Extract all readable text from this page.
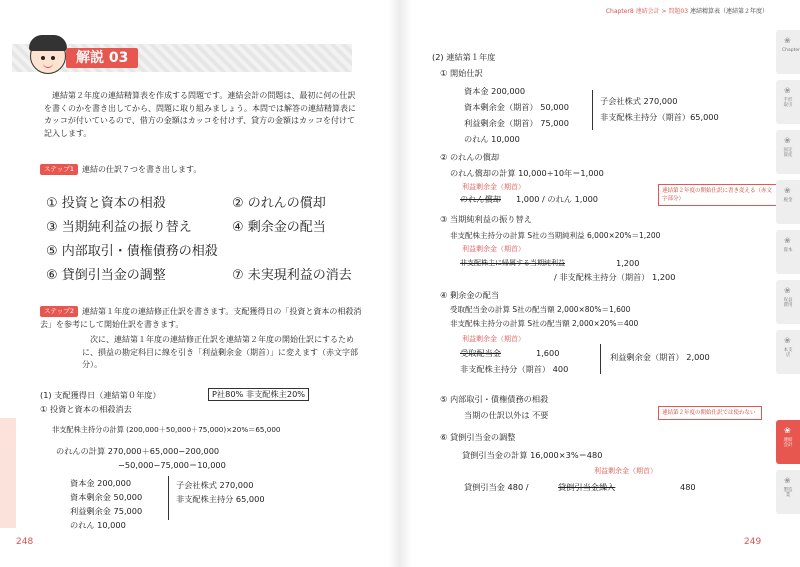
解説 03
連結第２年度の連結精算表を作成する問題です。連結会計の問題は、最初に何の仕訳を書くのかを書き出してから、問題に取り組みましょう。本問では解答の連結精算表にカッコが付いているので、借方の金額はカッコを付けず、貸方の金額はカッコを付けて記入します。
ステップ1 連結の仕訳７つを書き出します。
① 投資と資本の相殺	② のれんの償却
③ 当期純利益の振り替え	④ 剰余金の配当
⑤ 内部取引・債権債務の相殺
⑥ 貸倒引当金の調整	⑦ 未実現利益の消去
ステップ2 連結第１年度の連結修正仕訳を書きます。支配獲得日の「投資と資本の相殺消去」を参考にして開始仕訳を書きます。
次に、連結第１年度の連結修正仕訳を連結第２年度の開始仕訳にするために、損益の勘定科目に線を引き「利益剰余金（期首）」に変えます（赤文字部分）。
(1) 支配獲得日（連結第０年度）	P社80% 非支配株主20%
① 投資と資本の相殺消去
非支配株主持分の計算 (200,000＋50,000＋75,000)×20%＝65,000
のれんの計算 270,000＋65,000−200,000
−50,000−75,000＝10,000
資本金 200,000
資本剰余金 50,000
利益剰余金 75,000
のれん 10,000
子会社株式 270,000
非支配株主持分 65,000
248
Chapter8 連結会計 > 問題03 連結精算表（連結第２年度）
(2) 連結第１年度
① 開始仕訳
資本金 200,000
資本剰余金（期首） 50,000
利益剰余金（期首） 75,000
のれん 10,000
子会社株式 270,000
非支配株主持分（期首）65,000
② のれんの償却
のれん償却の計算 10,000÷10年＝1,000
利益剰余金（期首）
のれん償却 1,000 / のれん 1,000
連結第２年度の開始仕訳に書き変える（赤文字部分）
③ 当期純利益の振り替え
非支配株主持分の計算 S社の当期純利益 6,000×20%＝1,200
利益剰余金（期首）
非支配株主に帰属する当期純利益	1,200
/ 非支配株主持分（期首） 1,200
④ 剰余金の配当
受取配当金の計算 S社の配当額 2,000×80%＝1,600
非支配株主持分の計算 S社の配当額 2,000×20%＝400
利益剰余金（期首）
受取配当金	1,600	利益剰余金（期首） 2,000
非支配株主持分（期首） 400
⑤ 内部取引・債権債務の相殺
当期の仕訳以外は 不要	連結第２年度の開始仕訳では使わない
⑥ 貸倒引当金の調整
貸倒引当金の計算 16,000×3%＝480
利益剰余金（期首）
貸倒引当金 480 /	貸倒引当金繰入	480
249
❀
Chapter
❀
手形取引
❀
固定資産
❀
税金
❀
資本
❀
収益費用
❀
本支店
❀
連結会計
❀
製造業
